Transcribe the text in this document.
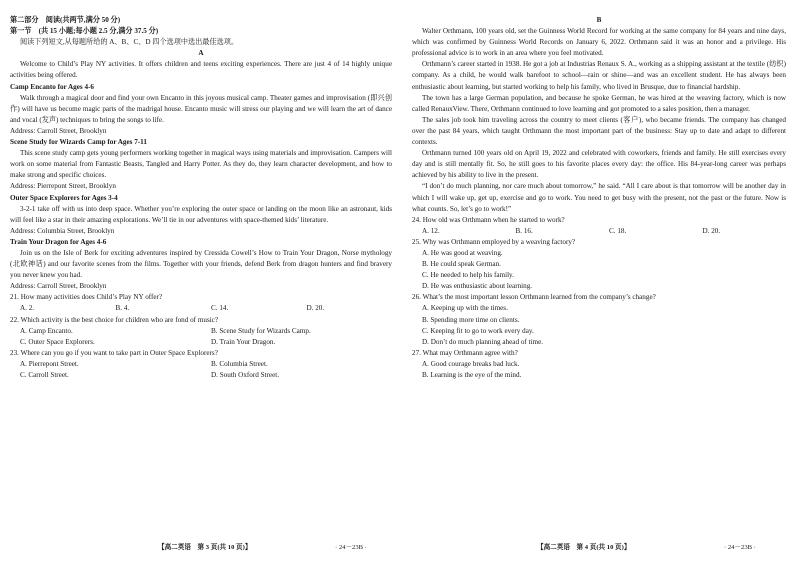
第二部分　阅读(共两节,满分 50 分)

第一节　(共 15 小题;每小题 2.5 分,满分 37.5 分)

阅读下列短文,从每题所给的 A、B、C、D 四个选项中选出最佳选项。

A

Welcome to Child’s Play NY activities. It offers children and teens exciting experiences. There are just 4 of 14 highly unique activities being offered.

Camp Encanto for Ages 4-6

Walk through a magical door and find your own Encanto in this joyous musical camp. Theater games and improvisation (即兴创作) will have us become magic parts of the madrigal house. Encanto music will stress our playing and we will learn the art of dance and vocal (发声) techniques to bring the songs to life.

Address: Carroll Street, Brooklyn

Scene Study for Wizards Camp for Ages 7-11

This scene study camp gets young performers working together in magical ways using materials and improvisation. Campers will work on some material from Fantastic Beasts, Tangled and Harry Potter. As they do, they learn character development, and how to make strong and specific choices.

Address: Pierrepont Street, Brooklyn

Outer Space Explorers for Ages 3-4

3-2-1 take off with us into deep space. Whether you’re exploring the outer space or landing on the moon like an astronaut, kids will feel like a star in their amazing explorations. We’ll tie in our adventures with space-themed kids’ literature.

Address: Columbia Street, Brooklyn

Train Your Dragon for Ages 4-6

Join us on the Isle of Berk for exciting adventures inspired by Cressida Cowell’s How to Train Your Dragon, Norse mythology (北欧神话) and our favorite scenes from the films. Together with your friends, defend Berk from dragon hunters and find bravery you never knew you had.

Address: Carroll Street, Brooklyn

21. How many activities does Child’s Play NY offer?

A. 2.	B. 4.	C. 14.	D. 20.

22. Which activity is the best choice for children who are fond of music?

A. Camp Encanto.	B. Scene Study for Wizards Camp.
C. Outer Space Explorers.	D. Train Your Dragon.

23. Where can you go if you want to take part in Outer Space Explorers?

A. Pierrepont Street.	B. Columbia Street.
C. Carroll Street.	D. South Oxford Street.

B

Walter Orthmann, 100 years old, set the Guinness World Record for working at the same company for 84 years and nine days, which was confirmed by Guinness World Records on January 6, 2022. Orthmann said it was an honor and a privilege. His professional advice is to work in an area where you feel motivated.

Orthmann’s career started in 1938. He got a job at Industrias Renaux S. A., working as a shipping assistant at the textile (纺织) company. As a child, he would walk barefoot to school—rain or shine—and was an excellent student. He has always been enthusiastic about learning, but started working to help his family, who lived in Brusque, due to financial hardship.

The town has a large German population, and because he spoke German, he was hired at the weaving factory, which is now called RenauxView. There, Orthmann continued to love learning and got promoted to a sales position, then a manager.

The sales job took him traveling across the country to meet clients (客户), who became friends. The company has changed over the past 84 years, which taught Orthmann the most important part of the business: Stay up to date and adapt to different contexts.

Orthmann turned 100 years old on April 19, 2022 and celebrated with coworkers, friends and family. He still exercises every day and is still mentally fit. So, he still goes to his favorite places every day: the office. His 84-year-long career was perhaps achieved by his ability to live in the present.

“I don’t do much planning, nor care much about tomorrow,” he said. “All I care about is that tomorrow will be another day in which I will wake up, get up, exercise and go to work. You need to get busy with the present, not the past or the future. Now is what counts. So, let’s go to work!”

24. How old was Orthmann when he started to work?

A. 12.	B. 16.	C. 18.	D. 20.

25. Why was Orthmann employed by a weaving factory?

A. He was good at weaving.

B. He could speak German.

C. He needed to help his family.

D. He was enthusiastic about learning.

26. What’s the most important lesson Orthmann learned from the company’s change?

A. Keeping up with the times.

B. Spending more time on clients.

C. Keeping fit to go to work every day.

D. Don’t do much planning ahead of time.

27. What may Orthmann agree with?

A. Good courage breaks bad luck.

B. Learning is the eye of the mind.

【高二英语　第 3 页(共 10 页)】	· 24－23B ·	【高二英语　第 4 页(共 10 页)】	· 24－23B ·
